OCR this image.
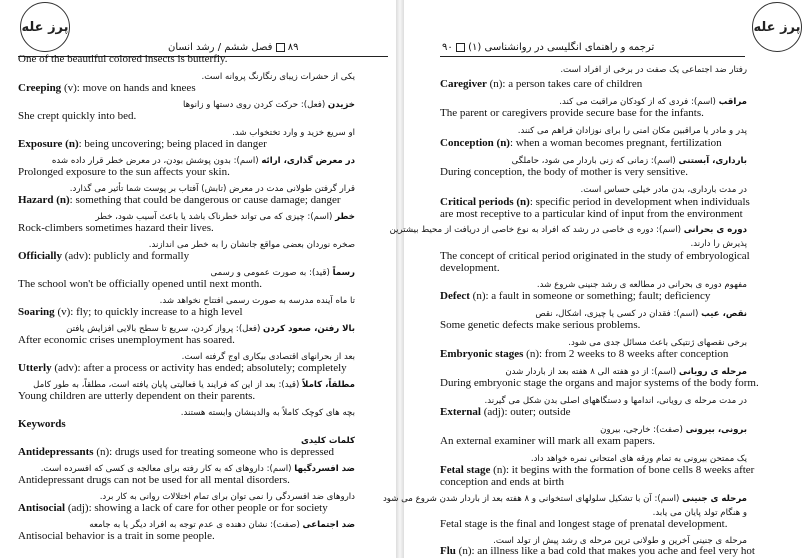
پرز عله
٨٩  فصل ششم / رشد انسان
One of the beautiful colored insects is butterfly.
یکی از حشرات زیبای رنگارنگ پروانه است.
Creeping (v): move on hands and knees
خزیدن (فعل): حرکت کردن روی دستها و زانوها
She crept quickly into bed.
او سریع خزید و وارد تختخواب شد.
Exposure (n): being uncovering; being placed in danger
در معرض گذاری، ارائه (اسم): بدون پوشش بودن، در معرض خطر قرار داده شده
Prolonged exposure to the sun affects your skin.
قرار گرفتن طولانی مدت در معرض (تابش) آفتاب بر پوست شما تأثیر می گذارد.
Hazard (n): something that could be dangerous or cause damage; danger
خطر (اسم): چیزی که می تواند خطرناک باشد یا باعث آسیب شود، خطر
Rock-climbers sometimes hazard their lives.
صخره نوردان بعضی مواقع جانشان را به خطر می اندازند.
Officially (adv): publicly and formally
رسماً (قید): به صورت عمومی و رسمی
The school won't be officially opened until next month.
تا ماه آینده مدرسه به صورت رسمی افتتاح نخواهد شد.
Soaring (v): fly; to quickly increase to a high level
بالا رفتن، صعود کردن (فعل): پرواز کردن، سریع تا سطح بالایی افزایش یافتن
After economic crises unemployment has soared.
بعد از بحرانهای اقتصادی بیکاری اوج گرفته است.
Utterly (adv): after a process or activity has ended; absolutely; completely
مطلقاً، کاملاً (قید): بعد از این که فرایند یا فعالیتی پایان یافته است، مطلقاً، به طور کامل
Young children are utterly dependent on their parents.
بچه های کوچک کاملاً به والدینشان وابسته هستند.
Keywords
کلمات کلیدی
Antidepressants (n): drugs used for treating someone who is depressed
ضد افسردگیها (اسم): داروهای که به کار رفته برای معالجه ی کسی که افسرده است.
Antidepressant drugs can not be used for all mental disorders.
داروهای ضد افسردگی را نمی توان برای تمام اختلالات روانی به کار برد.
Antisocial (adj): showing a lack of care for other people or for society
ضد اجتماعی (صفت): نشان دهنده ی عدم توجه به افراد دیگر یا به جامعه
Antisocial behavior is a trait in some people.
پرز عله
ترجمه و راهنمای انگلیسی در روانشناسی (۱)  ٩٠
رفتار ضد اجتماعی یک صفت در برخی از افراد است.
Caregiver (n): a person takes care of children
مراقب (اسم): فردی که از کودکان مراقبت می کند.
The parent or caregivers provide secure base for the infants.
پدر و مادر یا مراقبین مکان امنی را برای نوزادان فراهم می کنند.
Conception (n): when a woman becomes pregnant, fertilization
بارداری، آبستنی (اسم): زمانی که زنی باردار می شود، حاملگی
During conception, the body of mother is very sensitive.
در مدت بارداری، بدن مادر خیلی حساس است.
Critical periods (n): specific period in development when individuals
are most receptive to a particular kind of input from the environment
دوره ی بحرانی (اسم): دوره ی خاصی در رشد که افراد به نوع خاصی از دریافت از محیط بیشترین
پذیرش را دارند.
The concept of critical period originated in the study of embryological
development.
مفهوم دوره ی بحرانی در مطالعه ی رشد جنینی شروع شد.
Defect (n): a fault in someone or something; fault; deficiency
نقص، عیب (اسم): فقدان در کسی یا چیزی، اشکال، نقص
Some genetic defects make serious problems.
برخی نقصهای ژنتیکی باعث مسائل جدی می شود.
Embryonic stages (n): from 2 weeks to 8 weeks after conception
مرحله ی رویانی (اسم): از دو هفته الی ۸ هفته بعد از باردار شدن
During embryonic stage the organs and major systems of the body form.
در مدت مرحله ی رویانی، اندامها و دستگاههای اصلی بدن شکل می گیرند.
External (adj): outer; outside
برونی، بیرونی (صفت): خارجی، بیرون
An external examiner will mark all exam papers.
یک ممتحن بیرونی به تمام ورقه های امتحانی نمره خواهد داد.
Fetal stage (n): it begins with the formation of bone cells 8 weeks after
conception and ends at birth
مرحله ی جنینی (اسم): آن با تشکیل سلولهای استخوانی و ۸ هفته بعد از باردار شدن شروع می شود
و هنگام تولد پایان می یابد.
Fetal stage is the final and longest stage of prenatal development.
مرحله ی جنینی آخرین و طولانی ترین مرحله ی رشد پیش از تولد است.
Flu (n): an illness like a bad cold that makes you ache and feel very hot
